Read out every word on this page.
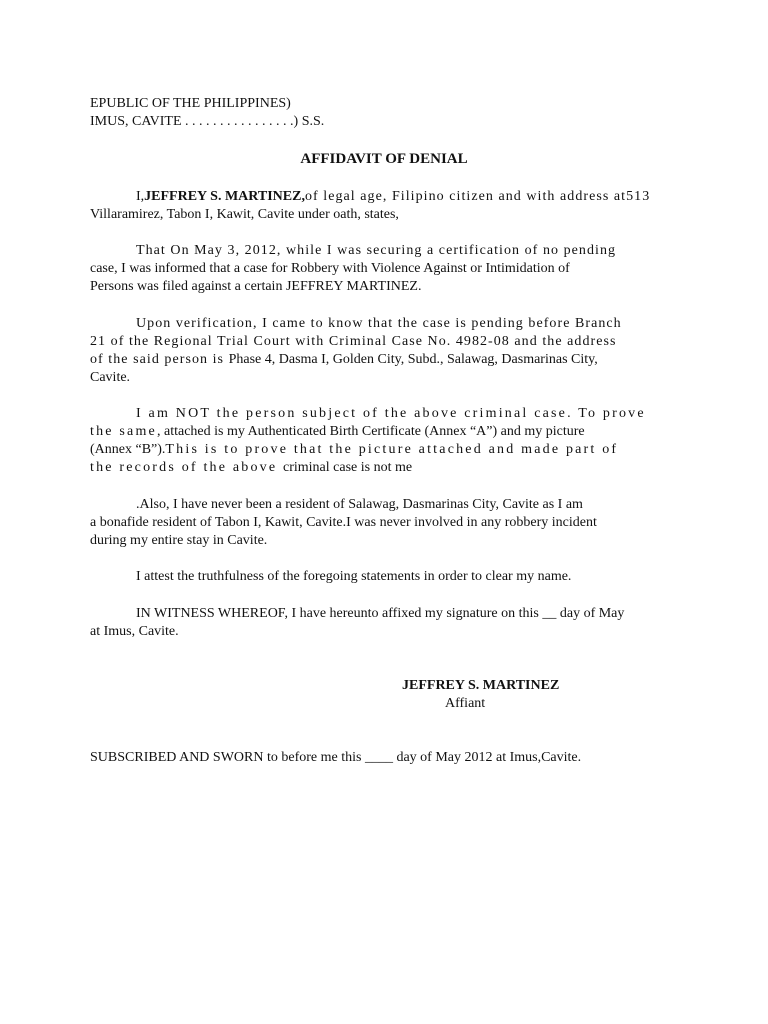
EPUBLIC OF THE PHILIPPINES)
IMUS, CAVITE . . . . . . . . . . . . . . . .) S.S.
AFFIDAVIT OF DENIAL
I,JEFFREY S. MARTINEZ,of legal age, Filipino citizen and with address at513
Villaramirez, Tabon I, Kawit, Cavite under oath, states,
That On May 3, 2012, while I was securing a certification of no pending
case, I was informed that a case for Robbery with Violence Against or Intimidation of
Persons was filed against a certain JEFFREY MARTINEZ.
Upon verification, I came to know that the case is pending before Branch
21 of the Regional Trial Court with Criminal Case No. 4982-08 and the address
of the said person is Phase 4, Dasma I, Golden City, Subd., Salawag, Dasmarinas City,
Cavite.
I am NOT the person subject of the above criminal case. To prove
the same, attached is my Authenticated Birth Certificate (Annex “A”) and my picture
(Annex “B”).This is to prove that the picture attached and made part of
the records of the above criminal case is not me
.Also, I have never been a resident of Salawag, Dasmarinas City, Cavite as I am
a bonafide resident of Tabon I, Kawit, Cavite.I was never involved in any robbery incident
during my entire stay in Cavite.
I attest the truthfulness of the foregoing statements in order to clear my name.
IN WITNESS WHEREOF, I have hereunto affixed my signature on this __ day of May
at Imus, Cavite.
JEFFREY S. MARTINEZ
Affiant
SUBSCRIBED AND SWORN to before me this ____ day of May 2012 at Imus,Cavite.
